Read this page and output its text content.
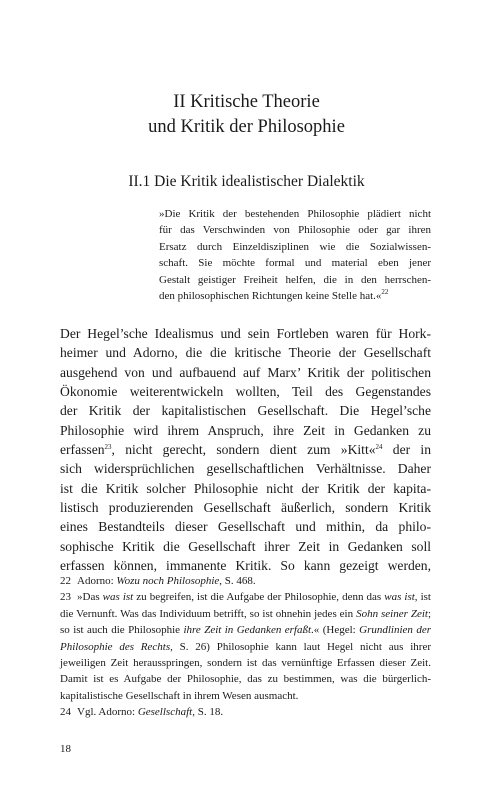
II Kritische Theorie
und Kritik der Philosophie
II.1 Die Kritik idealistischer Dialektik
»Die Kritik der bestehenden Philosophie plädiert nicht
für das Verschwinden von Philosophie oder gar ihren
Ersatz durch Einzeldisziplinen wie die Sozialwissen-
schaft. Sie möchte formal und material eben jener
Gestalt geistiger Freiheit helfen, die in den herrschen-
den philosophischen Richtungen keine Stelle hat.«$^{22}$
Der Hegel’sche Idealismus und sein Fortleben waren für Hork-
heimer und Adorno, die die kritische Theorie der Gesellschaft
ausgehend von und aufbauend auf Marx’ Kritik der politischen
Ökonomie weiterentwickeln wollten, Teil des Gegenstandes
der Kritik der kapitalistischen Gesellschaft. Die Hegel’sche
Philosophie wird ihrem Anspruch, ihre Zeit in Gedanken zu
erfassen$^{23}$, nicht gerecht, sondern dient zum »Kitt«$^{24}$ der in
sich widersprüchlichen gesellschaftlichen Verhältnisse. Daher
ist die Kritik solcher Philosophie nicht der Kritik der kapita-
listisch produzierenden Gesellschaft äußerlich, sondern Kritik
eines Bestandteils dieser Gesellschaft und mithin, da philo-
sophische Kritik die Gesellschaft ihrer Zeit in Gedanken soll
erfassen können, immanente Kritik. So kann gezeigt werden,

22 Adorno: Wozu noch Philosophie, S. 468.

23 »Das was ist zu begreifen, ist die Aufgabe der Philosophie, denn das was ist, ist die Vernunft. Was das Individuum betrifft, so ist ohnehin jedes ein Sohn seiner Zeit; so ist auch die Philosophie ihre Zeit in Gedanken erfaßt.« (Hegel: Grundlinien der Philosophie des Rechts, S. 26) Philosophie kann laut Hegel nicht aus ihrer jeweiligen Zeit herausspringen, sondern ist das vernünftige Erfassen dieser Zeit. Damit ist es Aufgabe der Philosophie, das zu bestimmen, was die bürgerlich-kapitalistische Gesellschaft in ihrem Wesen ausmacht.

24 Vgl. Adorno: Gesellschaft, S. 18.

18
